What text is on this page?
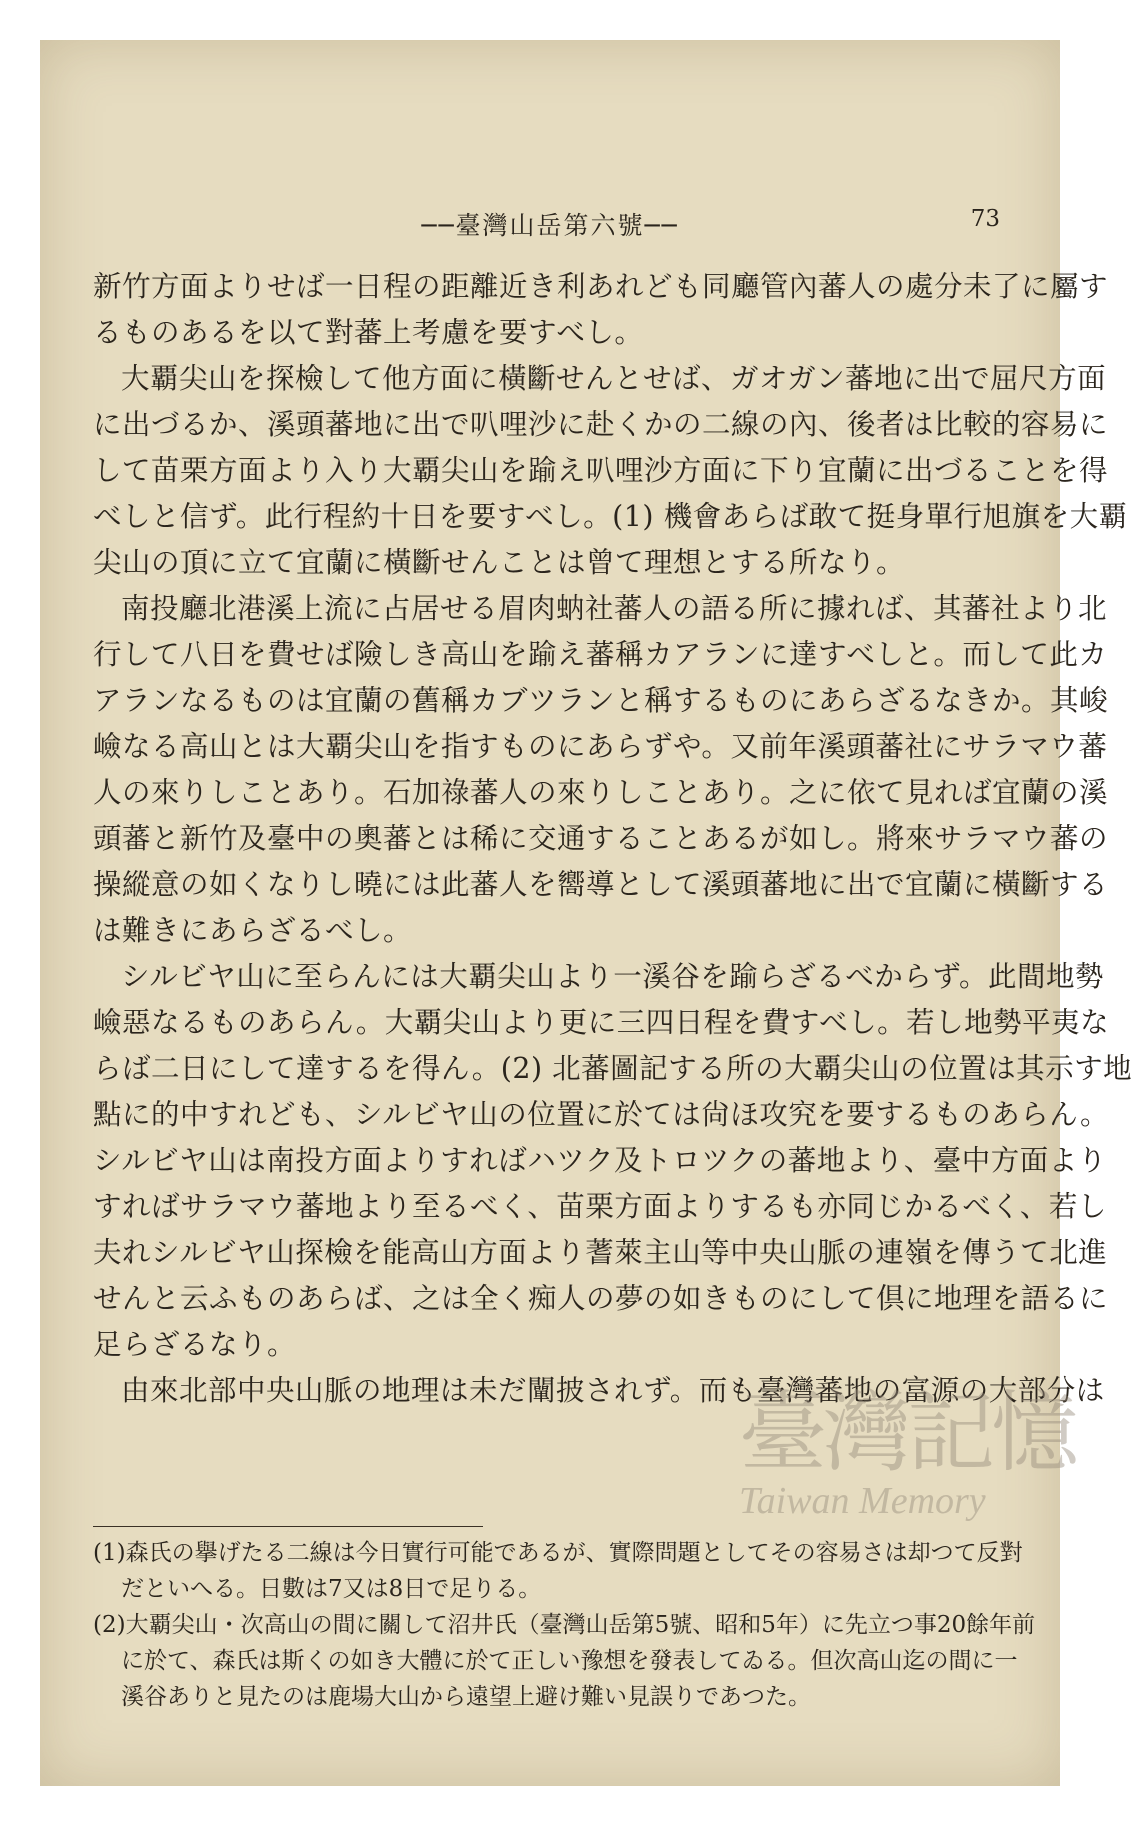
──臺灣山岳第六號──	73
新竹方面よりせば一日程の距離近き利あれども同廳管內蕃人の處分未了に屬す
るものあるを以て對蕃上考慮を要すべし。
大覇尖山を探檢して他方面に橫斷せんとせば、ガオガン蕃地に出で屈尺方面
に出づるか、溪頭蕃地に出で叭哩沙に赴くかの二線の內、後者は比較的容易に
して苗栗方面より入り大覇尖山を踰え叭哩沙方面に下り宜蘭に出づることを得
べしと信ず。此行程約十日を要すべし。(1) 機會あらば敢て挺身單行旭旗を大覇
尖山の頂に立て宜蘭に橫斷せんことは曾て理想とする所なり。
南投廳北港溪上流に占居せる眉肉蚋社蕃人の語る所に據れば、其蕃社より北
行して八日を費せば險しき高山を踰え蕃稱カアランに達すべしと。而して此カ
アランなるものは宜蘭の舊稱カブツランと稱するものにあらざるなきか。其峻
嶮なる高山とは大覇尖山を指すものにあらずや。又前年溪頭蕃社にサラマウ蕃
人の來りしことあり。石加祿蕃人の來りしことあり。之に依て見れば宜蘭の溪
頭蕃と新竹及臺中の奧蕃とは稀に交通することあるが如し。將來サラマウ蕃の
操縱意の如くなりし曉には此蕃人を嚮導として溪頭蕃地に出で宜蘭に橫斷する
は難きにあらざるべし。
シルビヤ山に至らんには大覇尖山より一溪谷を踰らざるべからず。此間地勢
嶮惡なるものあらん。大覇尖山より更に三四日程を費すべし。若し地勢平夷な
らば二日にして達するを得ん。(2) 北蕃圖記する所の大覇尖山の位置は其示す地
點に的中すれども、シルビヤ山の位置に於ては尙ほ攻究を要するものあらん。
シルビヤ山は南投方面よりすればハツク及トロツクの蕃地より、臺中方面より
すればサラマウ蕃地より至るべく、苗栗方面よりするも亦同じかるべく、若し
夫れシルビヤ山探檢を能高山方面より蓍萊主山等中央山脈の連嶺を傳うて北進
せんと云ふものあらば、之は全く痴人の夢の如きものにして倶に地理を語るに
足らざるなり。
由來北部中央山脈の地理は未だ闡披されず。而も臺灣蕃地の富源の大部分は
(1)森氏の擧げたる二線は今日實行可能であるが、實際問題としてその容易さは却つて反對
だといへる。日數は7又は8日で足りる。
(2)大覇尖山・次高山の間に關して沼井氏（臺灣山岳第5號、昭和5年）に先立つ事20餘年前
に於て、森氏は斯くの如き大體に於て正しい豫想を發表してゐる。但次高山迄の間に一
溪谷ありと見たのは鹿場大山から遠望上避け難い見誤りであつた。
臺灣記憶
Taiwan Memory
